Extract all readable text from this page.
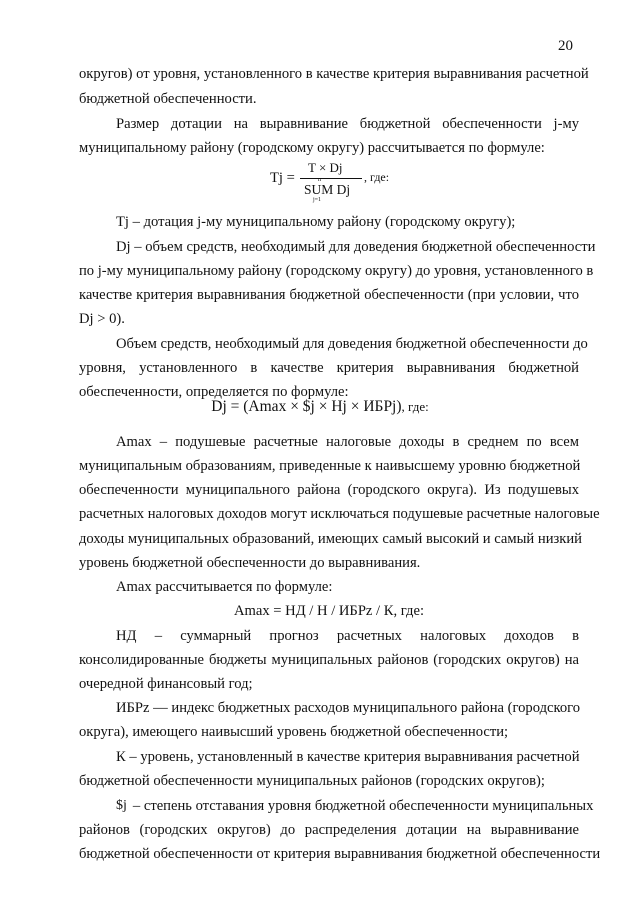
20
округов) от уровня, установленного в качестве критерия выравнивания расчетной
бюджетной обеспеченности.
Размер дотации на выравнивание бюджетной обеспеченности j-му
муниципальному району (городскому округу) рассчитывается по формуле:
Tj =
T × Dj
n
SUM Dj
j=1
, где:
Tj – дотация j-му муниципальному району (городскому округу);
Dj – объем средств, необходимый для доведения бюджетной обеспеченности
по j-му муниципальному району (городскому округу) до уровня, установленного в
качестве критерия выравнивания бюджетной обеспеченности (при условии, что
Dj > 0).
Объем средств, необходимый для доведения бюджетной обеспеченности до
уровня, установленного в качестве критерия выравнивания бюджетной
обеспеченности, определяется по формуле:
Dj = (Amax × $j × Hj × ИБРj), где:
Amax – подушевые расчетные налоговые доходы в среднем по всем
муниципальным образованиям, приведенные к наивысшему уровню бюджетной
обеспеченности муниципального района (городского округа). Из подушевых
расчетных налоговых доходов могут исключаться подушевые расчетные налоговые
доходы муниципальных образований, имеющих самый высокий и самый низкий
уровень бюджетной обеспеченности до выравнивания.
Amax рассчитывается по формуле:
Amax = НД / Н / ИБРz / К, где:
НД – суммарный прогноз расчетных налоговых доходов в
консолидированные бюджеты муниципальных районов (городских округов) на
очередной финансовый год;
ИБРz — индекс бюджетных расходов муниципального района (городского
округа), имеющего наивысший уровень бюджетной обеспеченности;
К – уровень, установленный в качестве критерия выравнивания расчетной
бюджетной обеспеченности муниципальных районов (городских округов);
$j – степень отставания уровня бюджетной обеспеченности муниципальных
районов (городских округов) до распределения дотации на выравнивание
бюджетной обеспеченности от критерия выравнивания бюджетной обеспеченности
